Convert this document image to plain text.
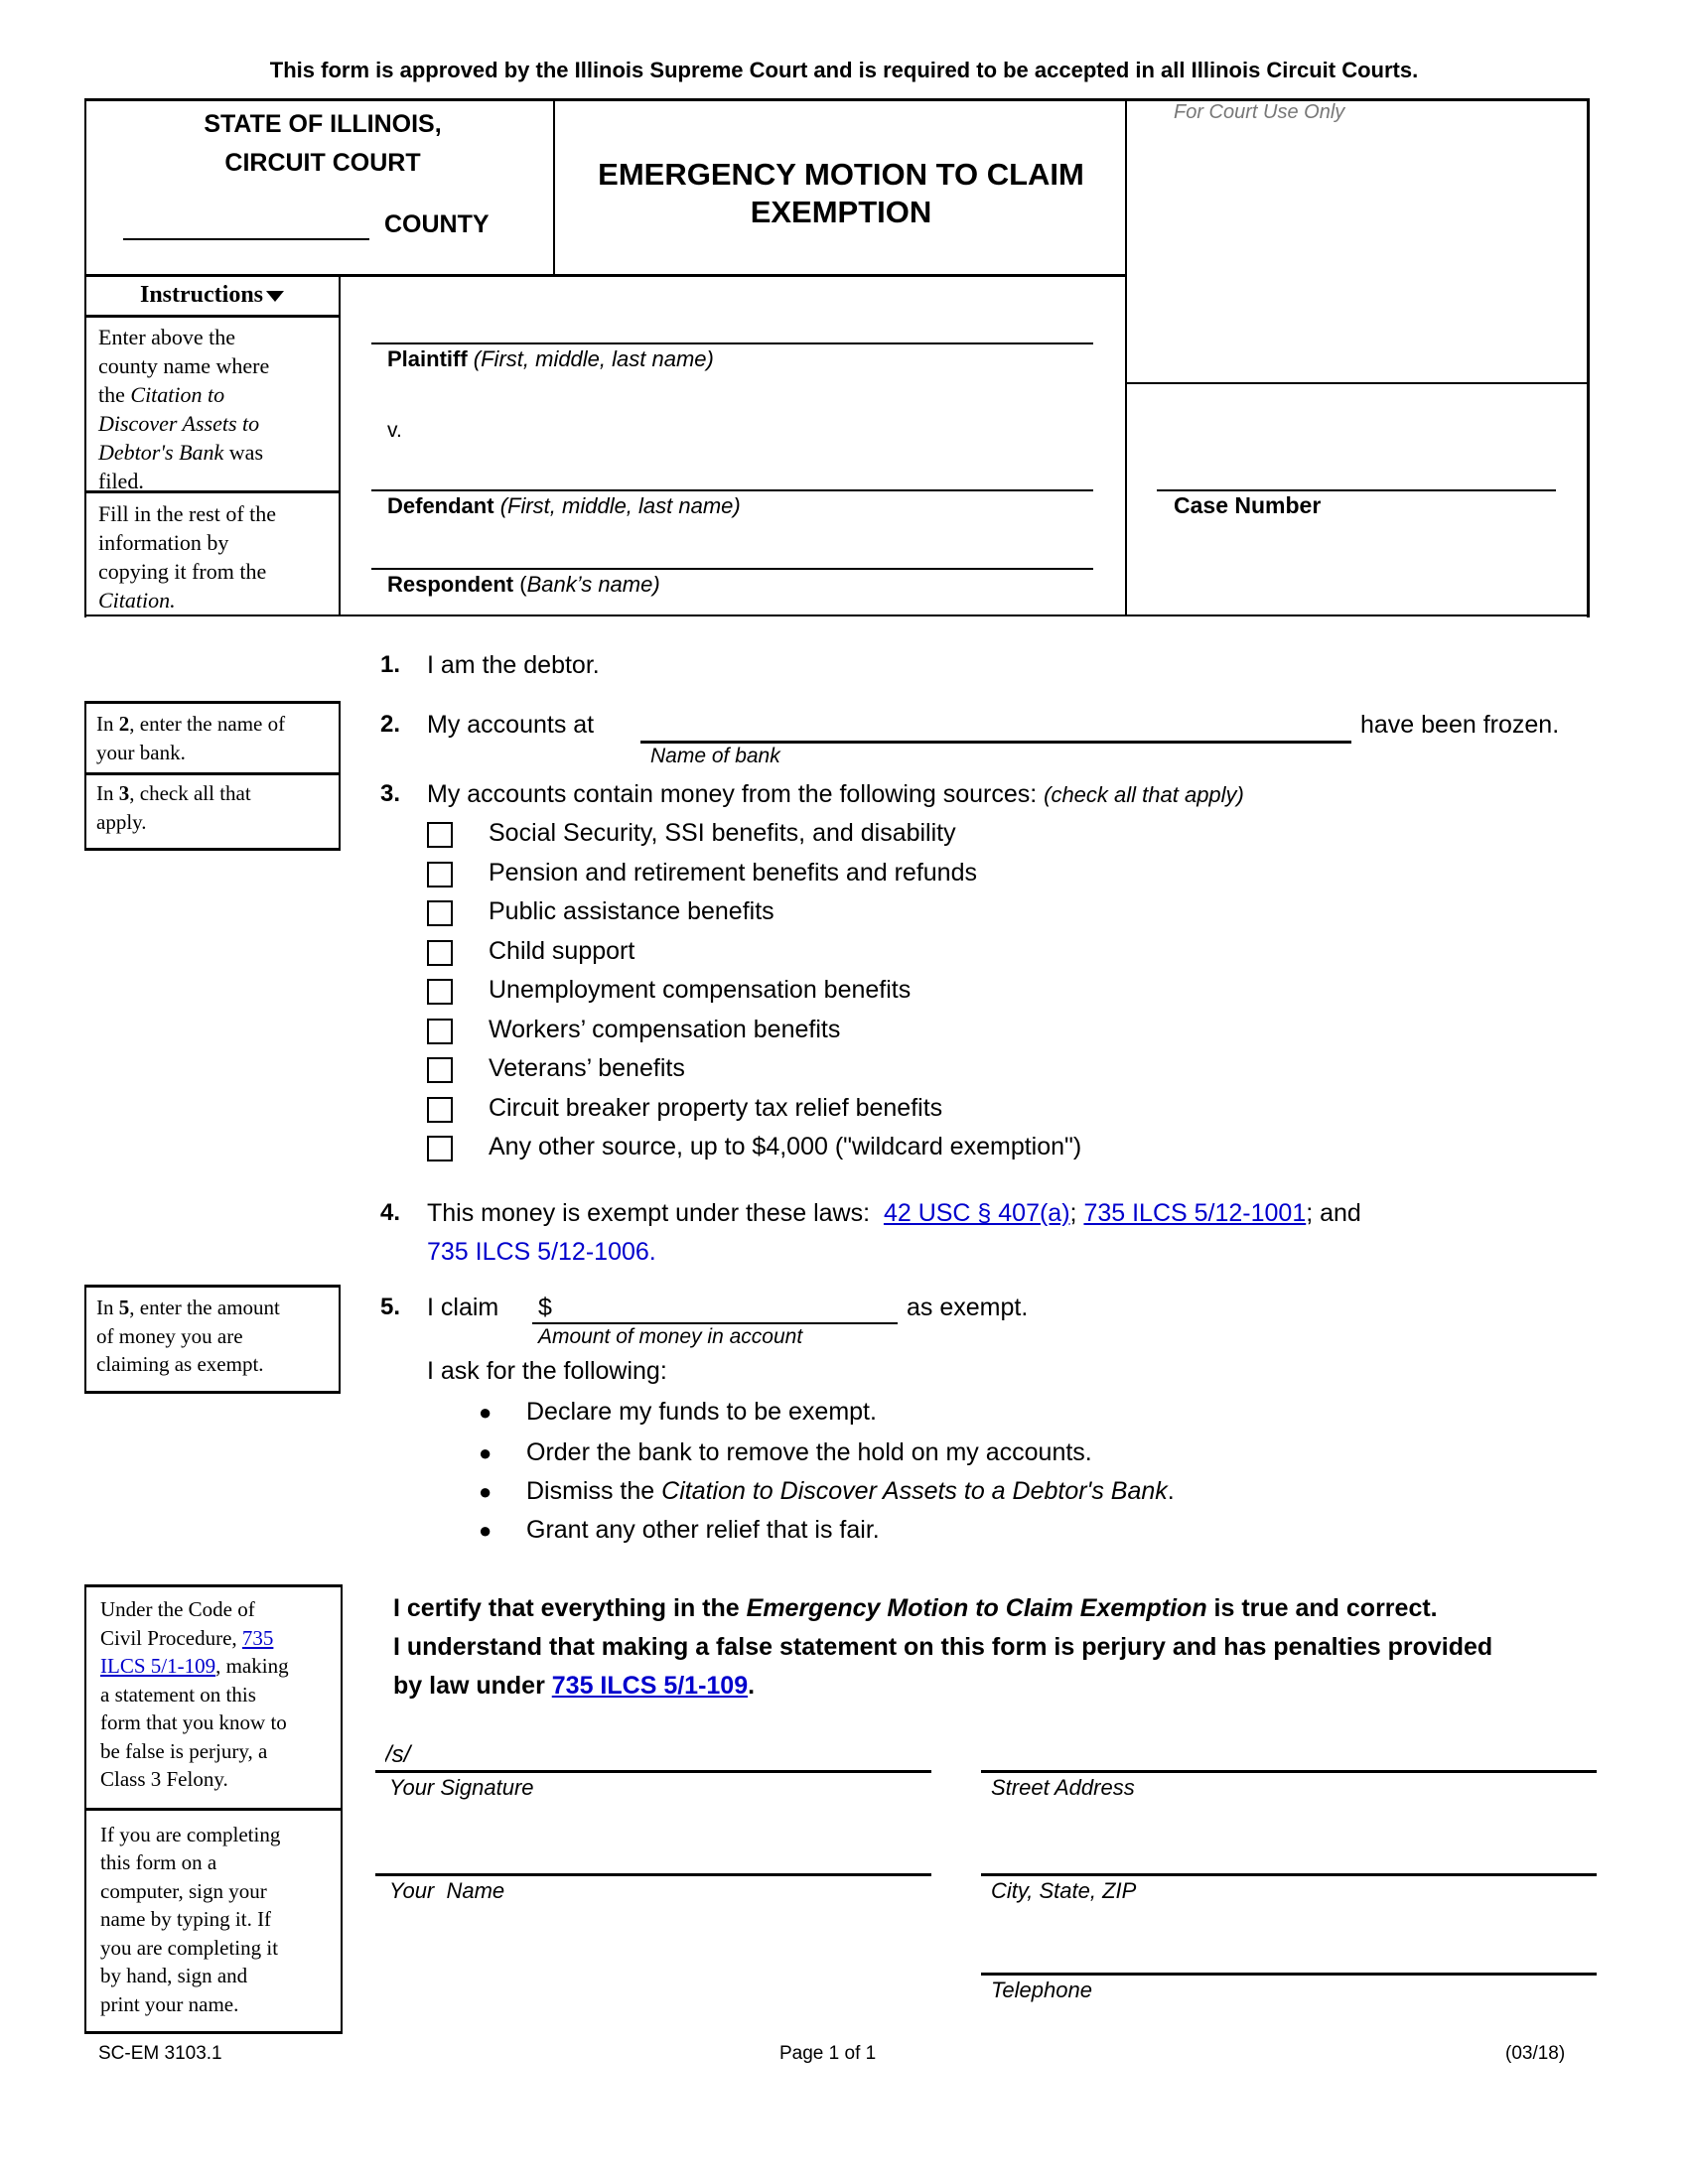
This form is approved by the Illinois Supreme Court and is required to be accepted in all Illinois Circuit Courts.
STATE OF ILLINOIS,
CIRCUIT COURT
COUNTY
EMERGENCY MOTION TO CLAIM
EXEMPTION
For Court Use Only
Instructions
Enter above the
county name where
the Citation to
Discover Assets to
Debtor's Bank was
filed.
Fill in the rest of the
information by
copying it from the
Citation.
Plaintiff (First, middle, last name)
v.
Defendant (First, middle, last name)
Respondent (Bank’s name)
Case Number
In 2, enter the name of
your bank.
In 3, check all that
apply.
In 5, enter the amount
of money you are
claiming as exempt.
Under the Code of
Civil Procedure, 735
ILCS 5/1-109, making
a statement on this
form that you know to
be false is perjury, a
Class 3 Felony.
If you are completing
this form on a
computer, sign your
name by typing it. If
you are completing it
by hand, sign and
print your name.
1. I am the debtor.
2. My accounts at	have been frozen.
Name of bank
3. My accounts contain money from the following sources: (check all that apply)
Social Security, SSI benefits, and disability
Pension and retirement benefits and refunds
Public assistance benefits
Child support
Unemployment compensation benefits
Workers’ compensation benefits
Veterans’ benefits
Circuit breaker property tax relief benefits
Any other source, up to $4,000 ("wildcard exemption")
4. This money is exempt under these laws:  42 USC § 407(a); 735 ILCS 5/12-1001; and
735 ILCS 5/12-1006.
5. I claim $	as exempt.
Amount of money in account
I ask for the following:
● Declare my funds to be exempt.
● Order the bank to remove the hold on my accounts.
● Dismiss the Citation to Discover Assets to a Debtor's Bank.
● Grant any other relief that is fair.
I certify that everything in the Emergency Motion to Claim Exemption is true and correct.
I understand that making a false statement on this form is perjury and has penalties provided
by law under 735 ILCS 5/1-109.
/s/
Your Signature	Street Address
Your  Name	City, State, ZIP
Telephone
SC-EM 3103.1	Page 1 of 1	(03/18)
